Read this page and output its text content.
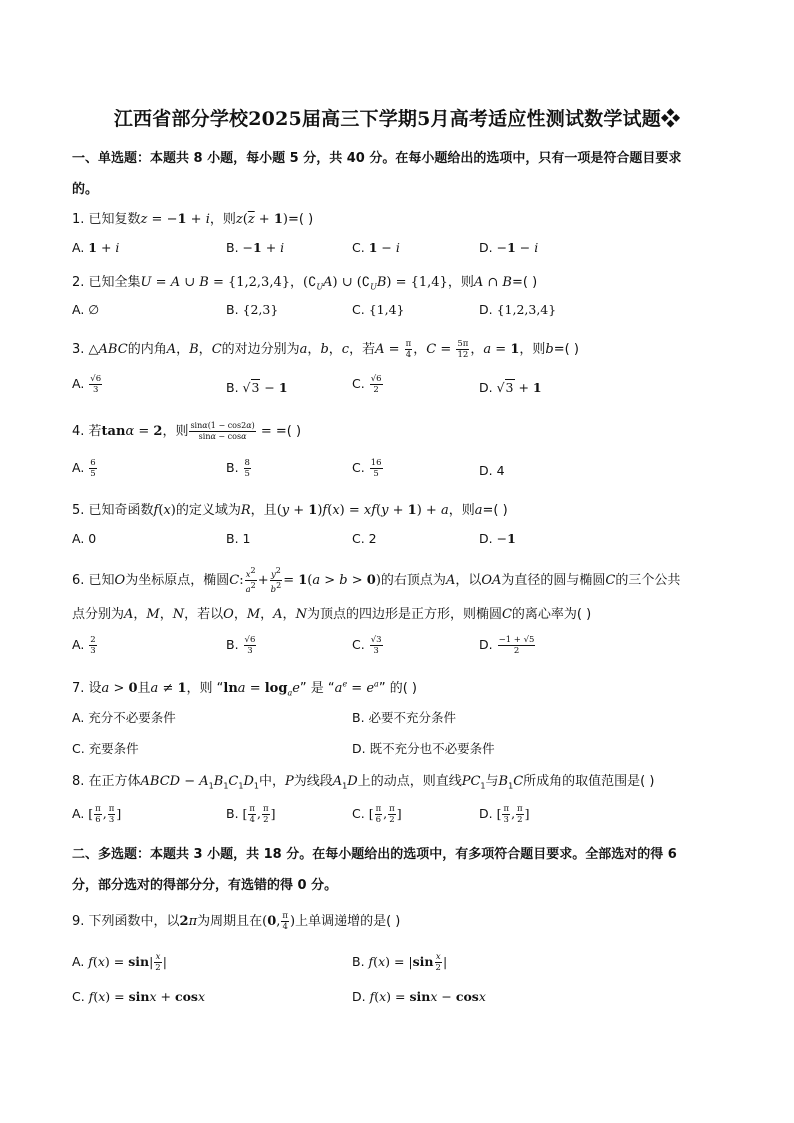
江西省部分学校2025届高三下学期5月高考适应性测试数学试题❖
一、单选题：本题共 8 小题，每小题 5 分，共 40 分。在每小题给出的选项中，只有一项是符合题目要求
的。
1. 已知复数z = −1 + i，则$z(\overline{z} + 1)=$( )
A. 1 + i	B. −1 + i	C. 1 − i	D. −1 − i
2. 已知全集U = A ∪ B = {1,2,3,4}，$(∁_UA)$ ∪ $(∁_UB) = \{1,4\}$，则A ∩ B=( )
A. ∅	B. {2,3}	C. {1,4}	D. {1,2,3,4}
3. △ABC的内角A，B，C的对边分别为a，b，c，若$A = \frac{\pi}{4}$ ，$C = \frac{5\pi}{12}$ ，a = 1，则b=( )
A. $\frac{√6}{3}$	B. √3 − 1	C. $\frac{√6}{2}$	D. √3 + 1
4. 若tanα = 2，则 $\frac{\sin\alpha(1 - \cos 2\alpha)}{\sin\alpha - \cos\alpha}$ = =( )
A. $\frac{6}{5}$	B. $\frac{8}{5}$	C. $\frac{16}{5}$	D. 4
5. 已知奇函数f(x)的定义域为R，且(y + 1)f(x) = xf(y + 1) + a，则a=( )
A. 0	B. 1	C. 2	D. −1
6. 已知O为坐标原点，椭圆C: $\frac{x^2}{a^2} + \frac{y^2}{b^2} = 1(a > b > 0)$的右顶点为A，以OA为直径的圆与椭圆C的三个公共
点分别为A，M，N，若以O，M，A，N为顶点的四边形是正方形，则椭圆C的离心率为( )
A. $\frac{2}{3}$	B. $\frac{√6}{3}$	C. $\frac{√3}{3}$	D. $\frac{-1 + √5}{2}$
7. 设a > 0且a ≠ 1，则 “$\ln a = \log_ae$” 是 “$a^e = e^a$” 的( )
A. 充分不必要条件	B. 必要不充分条件
C. 充要条件	D. 既不充分也不必要条件
8. 在正方体ABCD − $A_1B_1C_1D_1$中，P为线段$A_1D$上的动点，则直线$PC_1$与$B_1C$所成角的取值范围是( )
A. [ $\frac{\pi}{6}$ , $\frac{\pi}{3}$ ]	B. [ $\frac{\pi}{4}$ , $\frac{\pi}{2}$ ]	C. [ $\frac{\pi}{6}$ , $\frac{\pi}{2}$ ]	D. [ $\frac{\pi}{3}$ , $\frac{\pi}{2}$ ]
二、多选题：本题共 3 小题，共 18 分。在每小题给出的选项中，有多项符合题目要求。全部选对的得 6
分，部分选对的得部分分，有选错的得 0 分。
9. 下列函数中，以2π为周期且在(0, $\frac{\pi}{4}$ )上单调递增的是( )
A. $f(x) = \sin| \frac{x}{2}$ |	B. $f(x) = |\sin \frac{x}{2}$ |
C. f(x) = sinx + cosx	D. f(x) = sinx − cosx
